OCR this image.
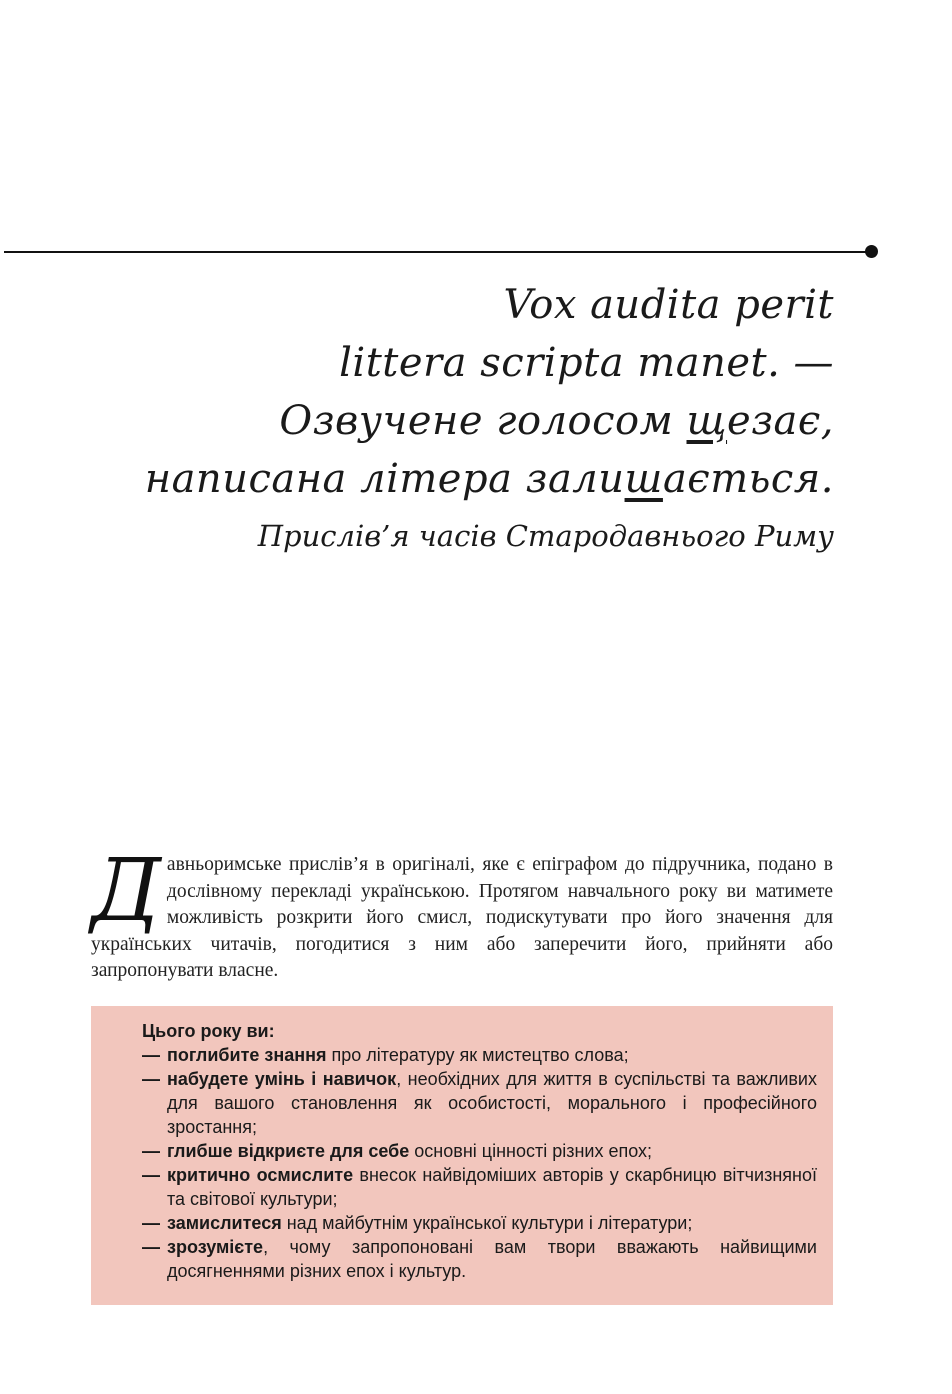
Vox audita perit
littera scripta manet. —
Озвучене голосом щезає,
написана літера залишається.
Прислів’я часів Стародавнього Риму
Давньоримське прислів’я в оригіналі, яке є епіграфом до підручника, подано в дослівному перекладі українською. Протягом навчального року ви матимете можливість розкрити його смисл, подискутувати про його значення для українських читачів, погодитися з ним або заперечити його, прийняти або запропонувати власне.

Цього року ви:

— поглибите знання про літературу як мистецтво слова;
— набудете умінь і навичок, необхідних для життя в суспільстві та важливих для вашого становлення як особистості, морального і професійного зростання;
— глибше відкриєте для себе основні цінності різних епох;
— критично осмислите внесок найвідоміших авторів у скарбницю вітчизняної та світової культури;
— замислитеся над майбутнім української культури і літератури;
— зрозумієте, чому запропоновані вам твори вважають найвищими досягненнями різних епох і культур.
